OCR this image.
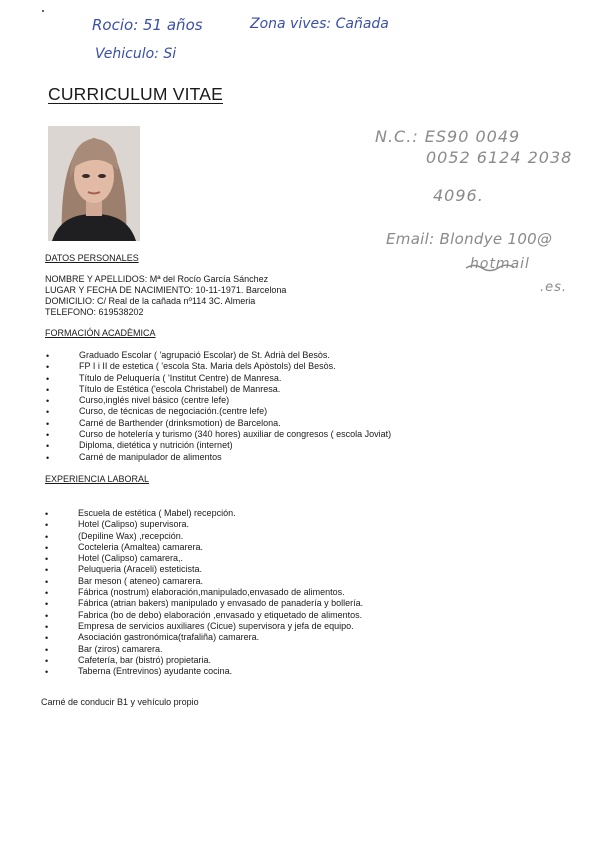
Rocio: 51 años	Zona vives: Cañada
Vehiculo: Si
N.C.: ES90 0049
0052 6124 2038
4096.
Email: Blondye 100@
hotmail
.es.
CURRICULUM VITAE
DATOS PERSONALES
NOMBRE Y APELLIDOS: Mª del Rocío García Sánchez
LUGAR Y FECHA DE NACIMIENTO: 10-11-1971. Barcelona
DOMICILIO: C/ Real de la cañada nº114 3C. Almeria
TELEFONO: 619538202
FORMACIÓN ACADÈMICA
•	Graduado Escolar ( 'agrupació Escolar) de St. Adrià del Besòs.
•	FP I i II de estetica ( 'escola Sta. Maria dels Apòstols) del Besòs.
•	Título de Peluquería ( 'Institut Centre) de Manresa.
•	Título de Estética ('escola Christabel) de Manresa.
•	Curso,inglés nivel básico (centre lefe)
•	Curso, de técnicas de negociación.(centre lefe)
•	Carné de Barthender (drinksmotion) de Barcelona.
•	Curso de hotelería y turismo (340 hores) auxiliar de congresos ( escola Joviat)
•	Diploma, dietética y nutrición (internet)
•	Carné de manipulador de alimentos
EXPERIENCIA LABORAL
•	Escuela de estética ( Mabel) recepción.
•	Hotel (Calipso) supervisora.
•	(Depiline Wax) ,recepción.
•	Cocteleria (Amaltea) camarera.
•	Hotel (Calipso) camarera,.
•	Peluqueria (Araceli) esteticista.
•	Bar meson ( ateneo) camarera.
•	Fábrica (nostrum) elaboración,manipulado,envasado de alimentos.
•	Fábrica (atrian bakers) manipulado y envasado de panadería y bollería.
•	Fabrica (bo de debo) elaboración ,envasado y etiquetado de alimentos.
•	Empresa de servicios auxiliares (Cicue) supervisora y jefa de equipo.
•	Asociación gastronómica(trafaliña) camarera.
•	Bar (ziros) camarera.
•	Cafetería, bar (bistró) propietaria.
•	Taberna (Entrevinos) ayudante cocina.
Carné de conducir B1 y vehículo propio
